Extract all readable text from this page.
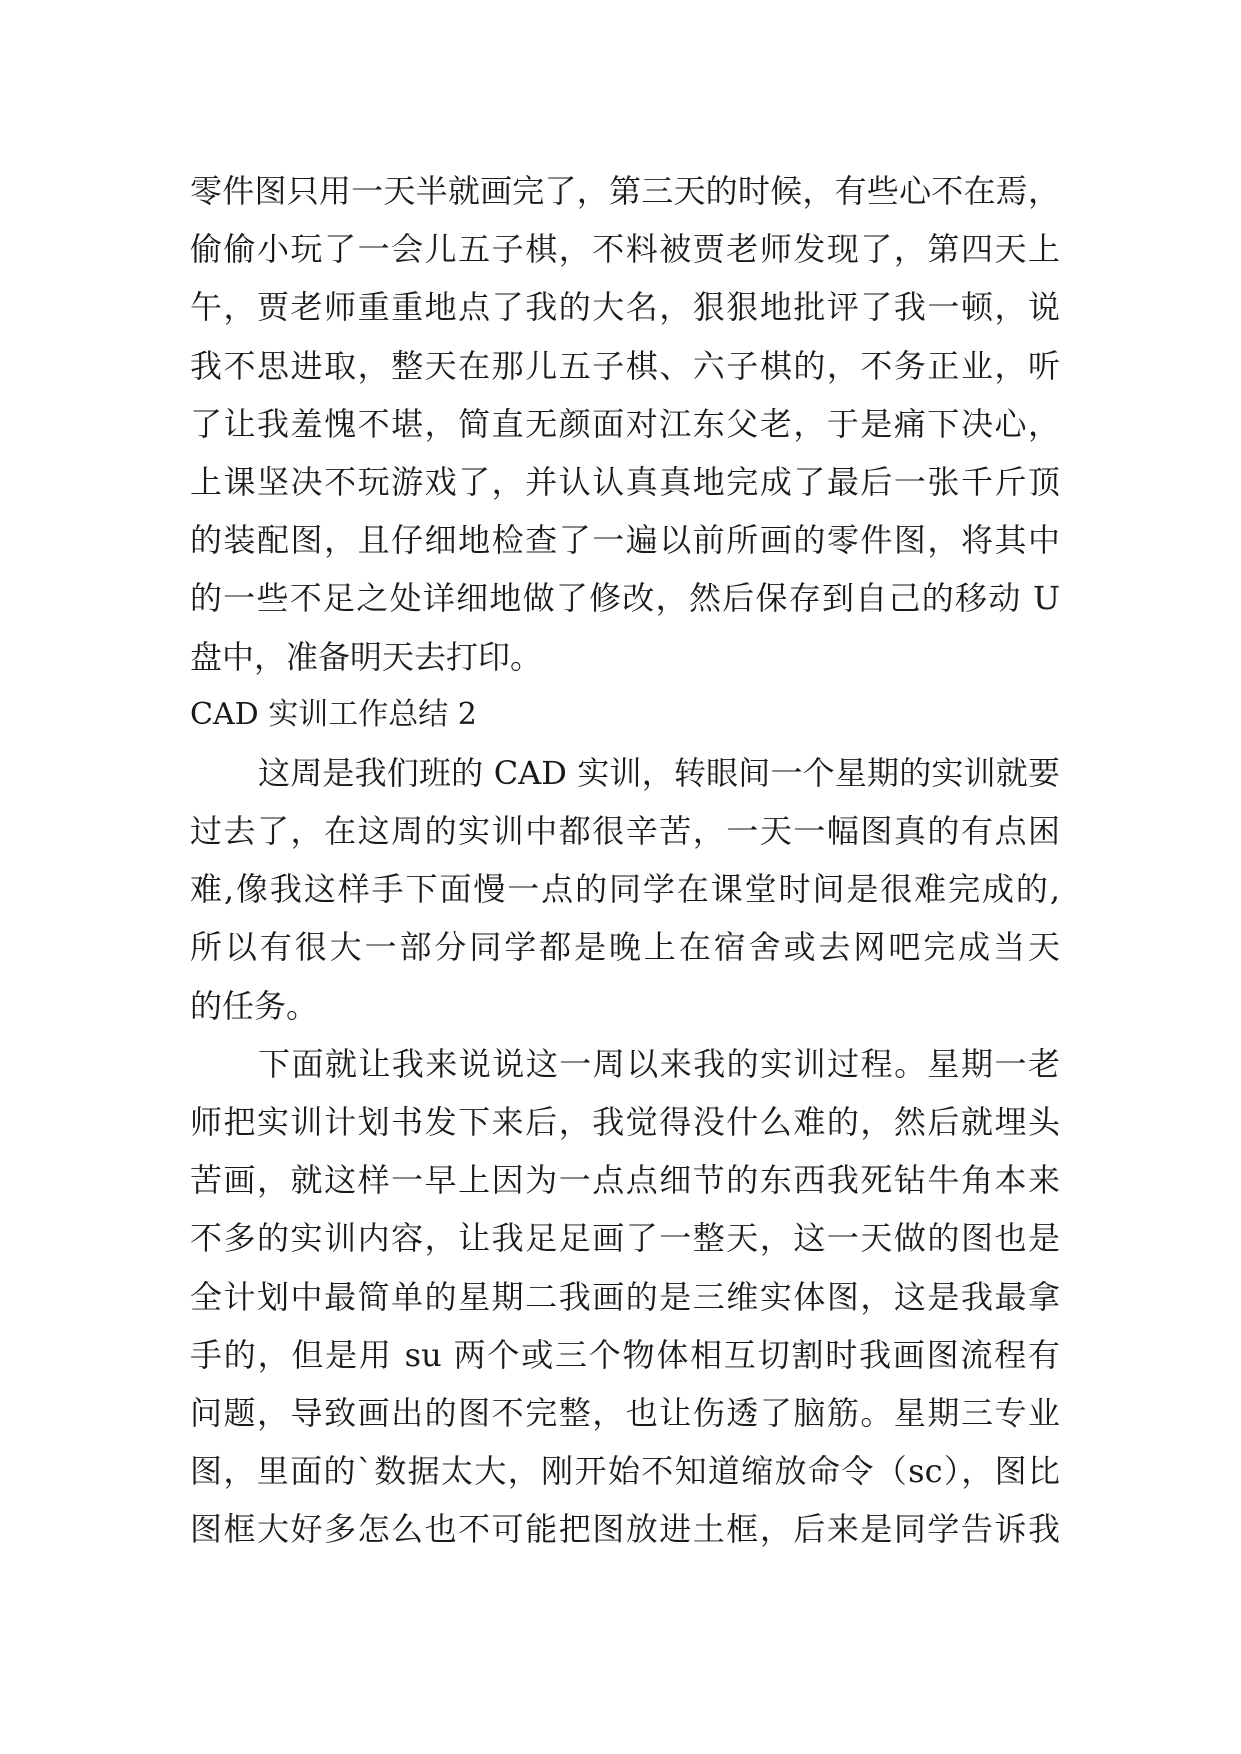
零件图只用一天半就画完了，第三天的时候，有些心不在焉，
偷偷小玩了一会儿五子棋，不料被贾老师发现了，第四天上
午，贾老师重重地点了我的大名，狠狠地批评了我一顿，说
我不思进取，整天在那儿五子棋、六子棋的，不务正业，听
了让我羞愧不堪，简直无颜面对江东父老，于是痛下决心，
上课坚决不玩游戏了，并认认真真地完成了最后一张千斤顶
的装配图，且仔细地检查了一遍以前所画的零件图，将其中
的一些不足之处详细地做了修改，然后保存到自己的移动 U
盘中，准备明天去打印。
CAD 实训工作总结 2
这周是我们班的 CAD 实训，转眼间一个星期的实训就要
过去了，在这周的实训中都很辛苦，一天一幅图真的有点困
难,像我这样手下面慢一点的同学在课堂时间是很难完成的,
所以有很大一部分同学都是晚上在宿舍或去网吧完成当天
的任务。
下面就让我来说说这一周以来我的实训过程。星期一老
师把实训计划书发下来后，我觉得没什么难的，然后就埋头
苦画，就这样一早上因为一点点细节的东西我死钻牛角本来
不多的实训内容，让我足足画了一整天，这一天做的图也是
全计划中最简单的星期二我画的是三维实体图，这是我最拿
手的，但是用 su 两个或三个物体相互切割时我画图流程有
问题，导致画出的图不完整，也让伤透了脑筋。星期三专业
图，里面的`数据太大，刚开始不知道缩放命令（sc），图比
图框大好多怎么也不可能把图放进土框，后来是同学告诉我
